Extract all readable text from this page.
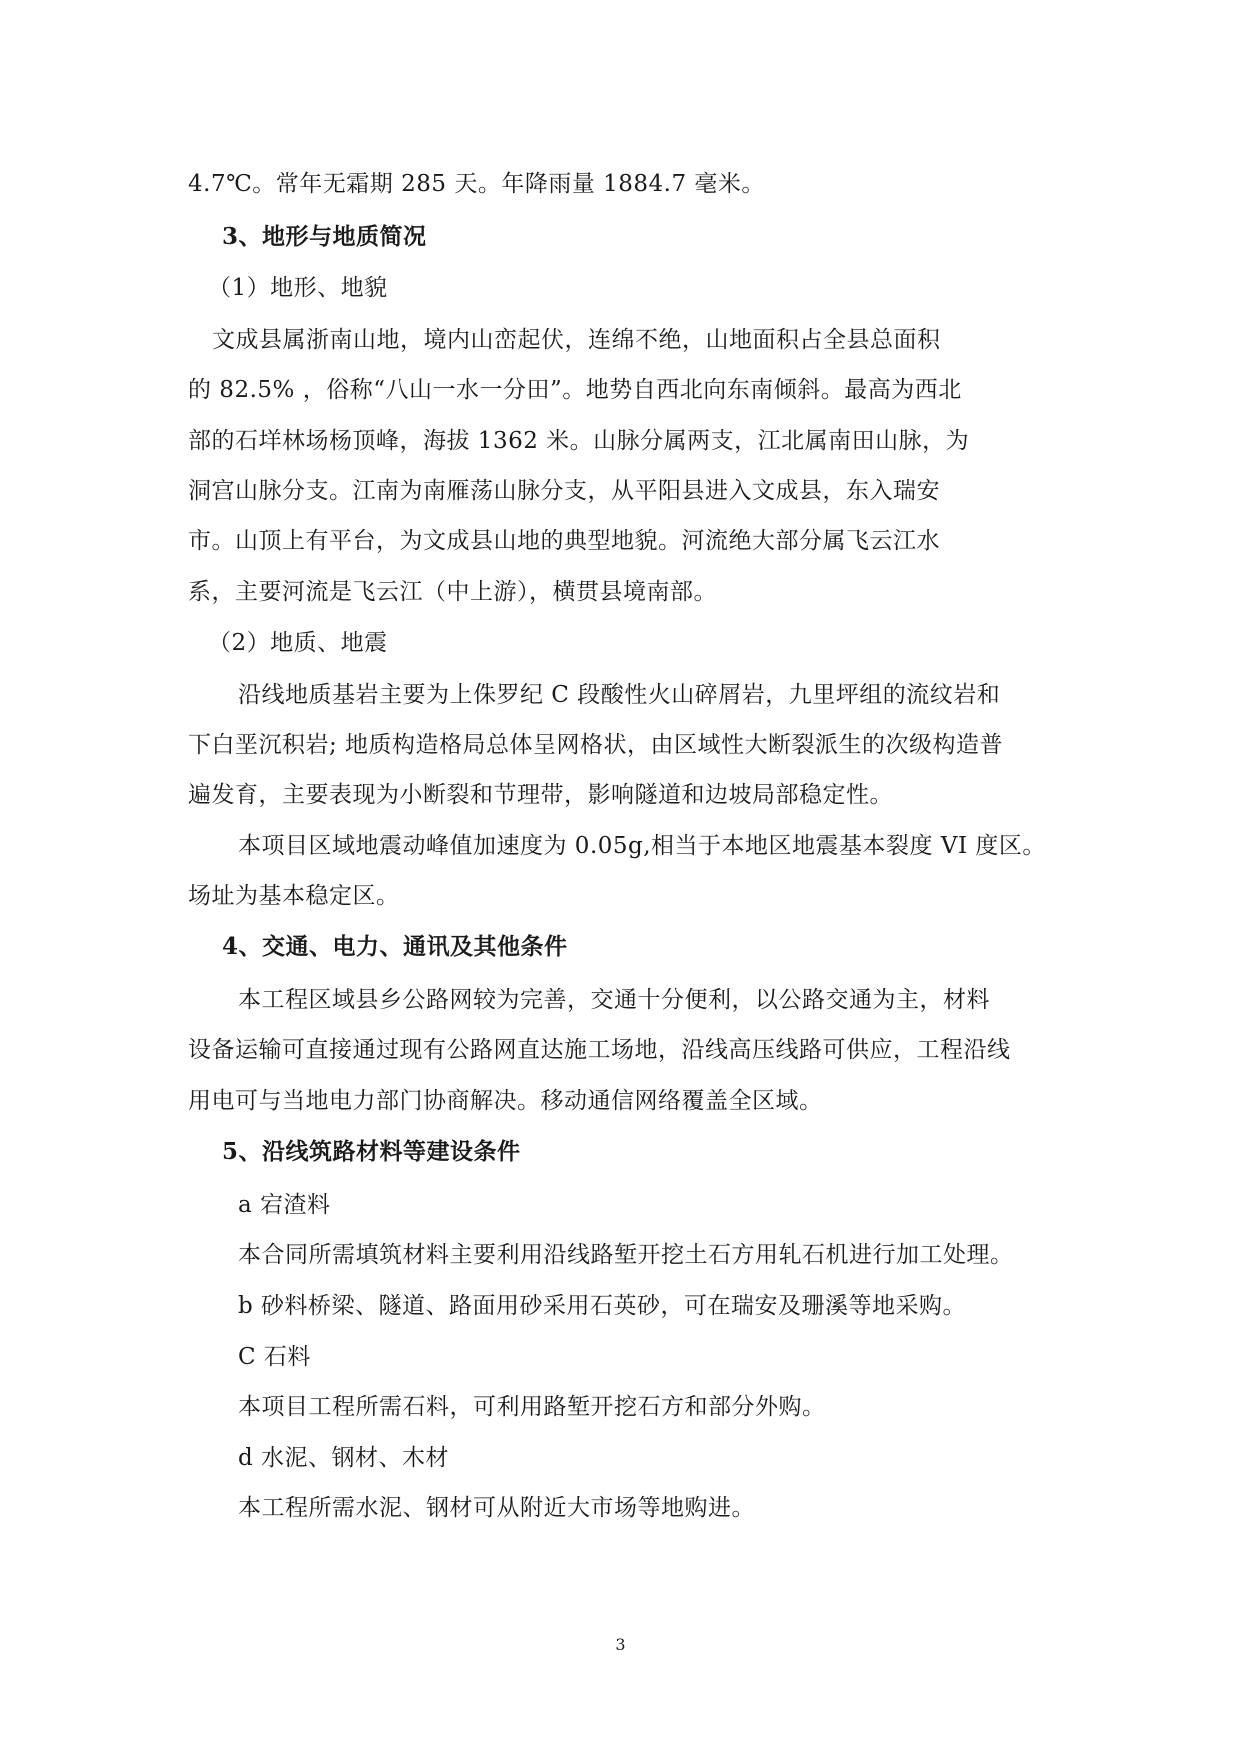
4.7℃。常年无霜期 285 天。年降雨量 1884.7 毫米。
3、地形与地质简况
（1）地形、地貌
文成县属浙南山地，境内山峦起伏，连绵不绝，山地面积占全县总面积
的 82.5% ，俗称“八山一水一分田”。地势自西北向东南倾斜。最高为西北
部的石垟林场杨顶峰，海拔 1362 米。山脉分属两支，江北属南田山脉，为
洞宫山脉分支。江南为南雁荡山脉分支，从平阳县进入文成县，东入瑞安
市。山顶上有平台，为文成县山地的典型地貌。河流绝大部分属飞云江水
系，主要河流是飞云江（中上游），横贯县境南部。
（2）地质、地震
沿线地质基岩主要为上侏罗纪 C 段酸性火山碎屑岩，九里坪组的流纹岩和
下白垩沉积岩; 地质构造格局总体呈网格状，由区域性大断裂派生的次级构造普
遍发育，主要表现为小断裂和节理带，影响隧道和边坡局部稳定性。
本项目区域地震动峰值加速度为 0.05g,相当于本地区地震基本裂度 VI 度区。
场址为基本稳定区。
4、交通、电力、通讯及其他条件
本工程区域县乡公路网较为完善，交通十分便利，以公路交通为主，材料
设备运输可直接通过现有公路网直达施工场地，沿线高压线路可供应，工程沿线
用电可与当地电力部门协商解决。移动通信网络覆盖全区域。
5、沿线筑路材料等建设条件
a 宕渣料
本合同所需填筑材料主要利用沿线路堑开挖土石方用轧石机进行加工处理。
b 砂料桥梁、隧道、路面用砂采用石英砂，可在瑞安及珊溪等地采购。
C 石料
本项目工程所需石料，可利用路堑开挖石方和部分外购。
d 水泥、钢材、木材
本工程所需水泥、钢材可从附近大市场等地购进。
3
